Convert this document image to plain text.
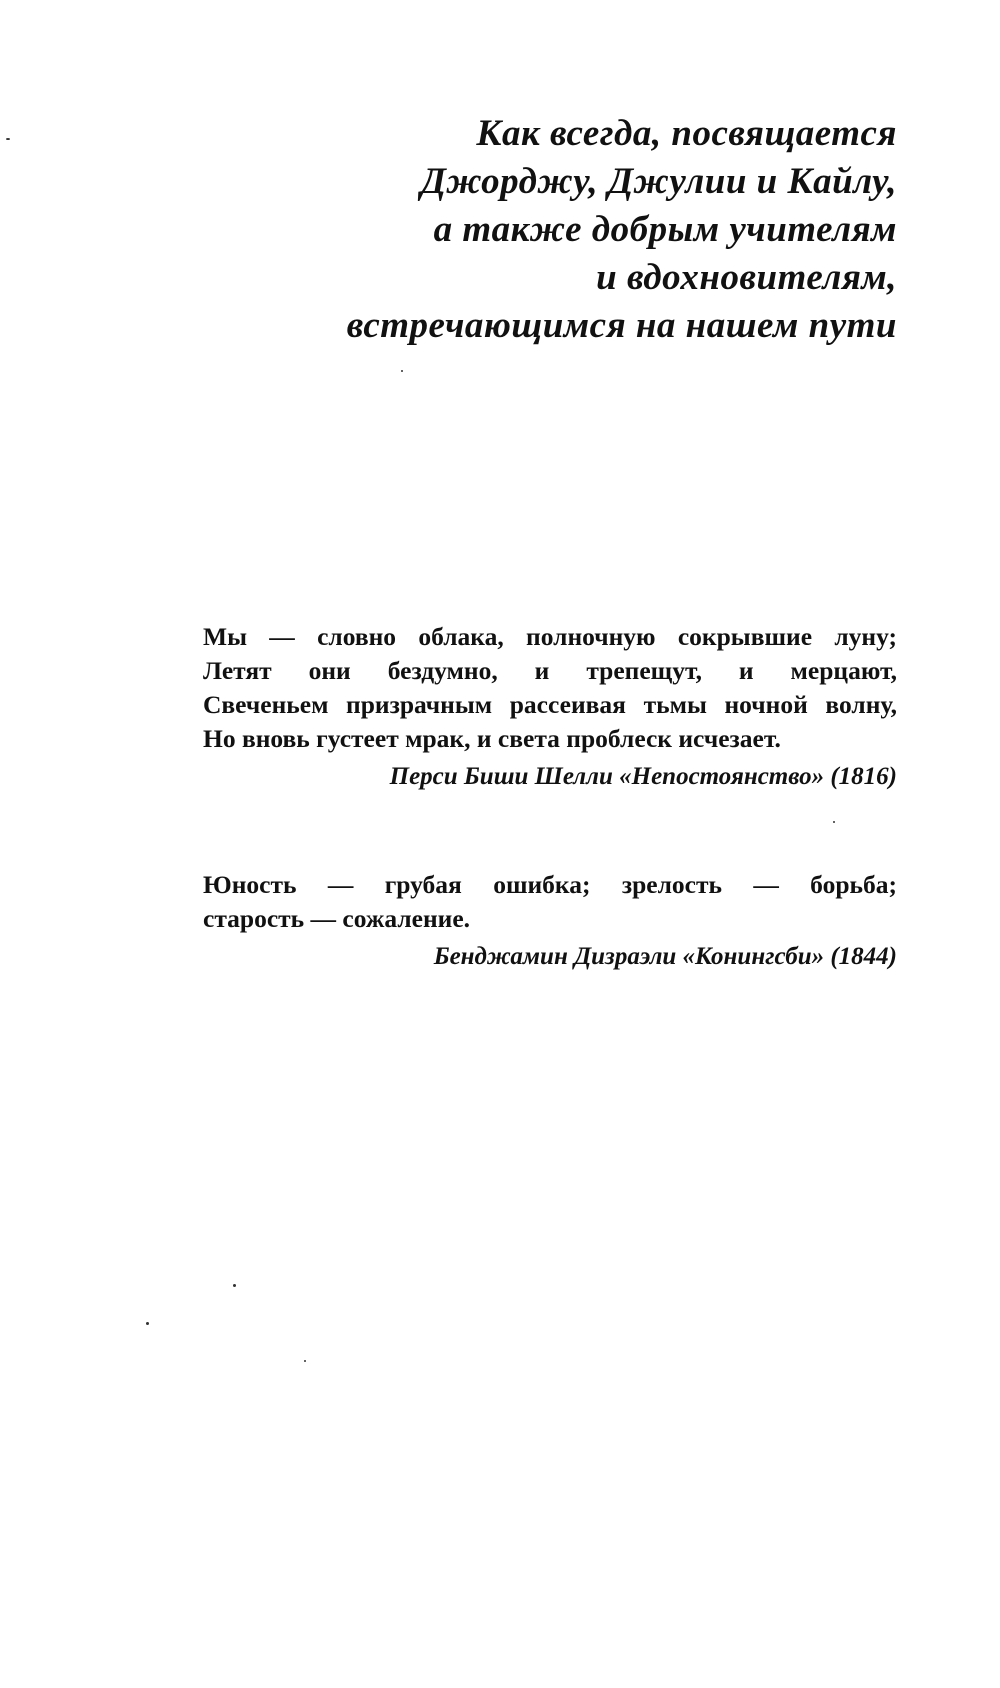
Как всегда, посвящается
Джорджу, Джулии и Кайлу,
а также добрым учителям
и вдохновителям,
встречающимся на нашем пути
Мы — словно облака, полночную сокрывшие луну;
Летят они бездумно, и трепещут, и мерцают,
Свеченьем призрачным рассеивая тьмы ночной волну,
Но вновь густеет мрак, и света проблеск исчезает.
Перси Биши Шелли «Непостоянство» (1816)
Юность — грубая ошибка; зрелость — борьба;
старость — сожаление.
Бенджамин Дизраэли «Конингсби» (1844)
